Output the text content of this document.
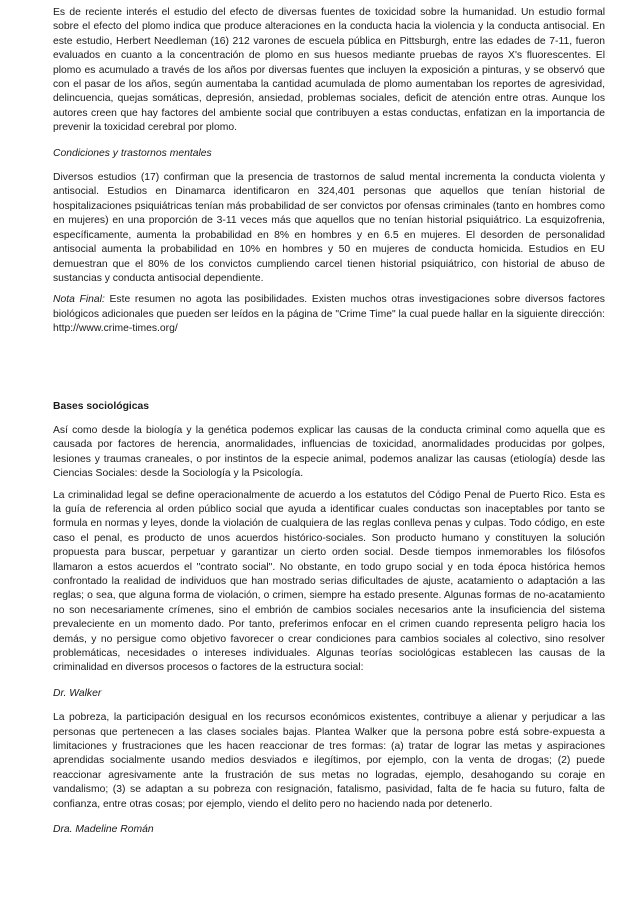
Es de reciente interés el estudio del efecto de diversas fuentes de toxicidad sobre la humanidad. Un estudio formal sobre el efecto del plomo indica que produce alteraciones en la conducta hacia la violencia y la conducta antisocial. En este estudio, Herbert Needleman (16) 212 varones de escuela pública en Pittsburgh, entre las edades de 7-11, fueron evaluados en cuanto a la concentración de plomo en sus huesos mediante pruebas de rayos X's fluorescentes. El plomo es acumulado a través de los años por diversas fuentes que incluyen la exposición a pinturas, y se observó que con el pasar de los años, según aumentaba la cantidad acumulada de plomo aumentaban los reportes de agresividad, delincuencia, quejas somáticas, depresión, ansiedad, problemas sociales, deficit de atención entre otras. Aunque los autores creen que hay factores del ambiente social que contribuyen a estas conductas, enfatizan en la importancia de prevenir la toxicidad cerebral por plomo.

Condiciones y trastornos mentales

Diversos estudios (17) confirman que la presencia de trastornos de salud mental incrementa la conducta violenta y antisocial. Estudios en Dinamarca identificaron en 324,401 personas que aquellos que tenían historial de hospitalizaciones psiquiátricas tenían más probabilidad de ser convictos por ofensas criminales (tanto en hombres como en mujeres) en una proporción de 3-11 veces más que aquellos que no tenían historial psiquiátrico. La esquizofrenia, específicamente, aumenta la probabilidad en 8% en hombres y en 6.5 en mujeres. El desorden de personalidad antisocial aumenta la probabilidad en 10% en hombres y 50 en mujeres de conducta homicida. Estudios en EU demuestran que el 80% de los convictos cumpliendo carcel tienen historial psiquiátrico, con historial de abuso de sustancias y conducta antisocial dependiente.

Nota Final: Este resumen no agota las posibilidades. Existen muchos otras investigaciones sobre diversos factores biológicos adicionales que pueden ser leídos en la página de "Crime Time" la cual puede hallar en la siguiente dirección: http://www.crime-times.org/

Bases sociológicas

Así como desde la biología y la genética podemos explicar las causas de la conducta criminal como aquella que es causada por factores de herencia, anormalidades, influencias de toxicidad, anormalidades producidas por golpes, lesiones y traumas craneales, o por instintos de la especie animal, podemos analizar las causas (etiología) desde las Ciencias Sociales: desde la Sociología y la Psicología.

La criminalidad legal se define operacionalmente de acuerdo a los estatutos del Código Penal de Puerto Rico. Esta es la guía de referencia al orden público social que ayuda a identificar cuales conductas son inaceptables por tanto se formula en normas y leyes, donde la violación de cualquiera de las reglas conlleva penas y culpas. Todo código, en este caso el penal, es producto de unos acuerdos histórico-sociales. Son producto humano y constituyen la solución propuesta para buscar, perpetuar y garantizar un cierto orden social. Desde tiempos inmemorables los filósofos llamaron a estos acuerdos el "contrato social". No obstante, en todo grupo social y en toda época histórica hemos confrontado la realidad de individuos que han mostrado serias dificultades de ajuste, acatamiento o adaptación a las reglas; o sea, que alguna forma de violación, o crimen, siempre ha estado presente. Algunas formas de no-acatamiento no son necesariamente crímenes, sino el embrión de cambios sociales necesarios ante la insuficiencia del sistema prevaleciente en un momento dado. Por tanto, preferimos enfocar en el crimen cuando representa peligro hacia los demás, y no persigue como objetivo favorecer o crear condiciones para cambios sociales al colectivo, sino resolver problemáticas, necesidades o intereses individuales. Algunas teorías sociológicas establecen las causas de la criminalidad en diversos procesos o factores de la estructura social:

Dr. Walker

La pobreza, la participación desigual en los recursos económicos existentes, contribuye a alienar y perjudicar a las personas que pertenecen a las clases sociales bajas. Plantea Walker que la persona pobre está sobre-expuesta a limitaciones y frustraciones que les hacen reaccionar de tres formas: (a) tratar de lograr las metas y aspiraciones aprendidas socialmente usando medios desviados e ilegítimos, por ejemplo, con la venta de drogas; (2) puede reaccionar agresivamente ante la frustración de sus metas no logradas, ejemplo, desahogando su coraje en vandalismo; (3) se adaptan a su pobreza con resignación, fatalismo, pasividad, falta de fe hacia su futuro, falta de confianza, entre otras cosas; por ejemplo, viendo el delito pero no haciendo nada por detenerlo.

Dra. Madeline Román
